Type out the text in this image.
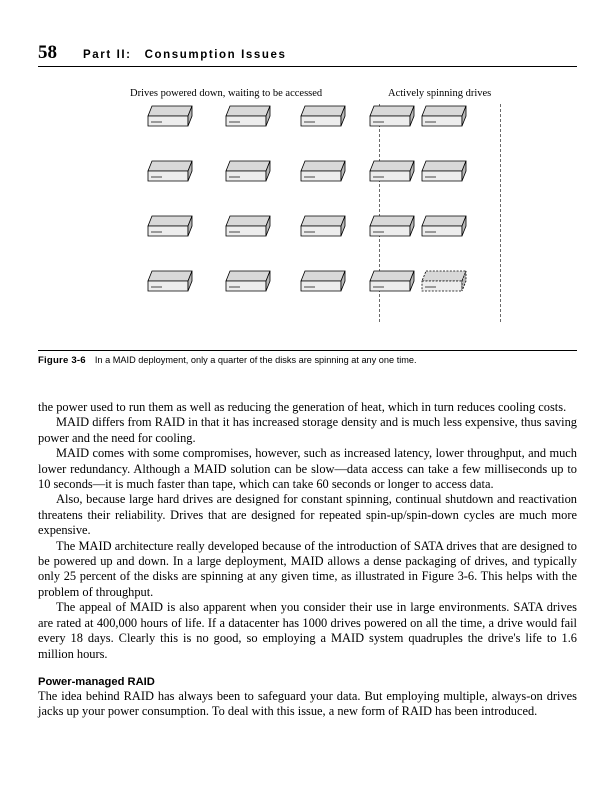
58 Part II: Consumption Issues
Drives powered down, waiting to be accessed	Actively spinning drives
Figure 3-6 In a MAID deployment, only a quarter of the disks are spinning at any one time.

the power used to run them as well as reducing the generation of heat, which in turn reduces cooling costs.

MAID differs from RAID in that it has increased storage density and is much less expensive, thus saving power and the need for cooling.

MAID comes with some compromises, however, such as increased latency, lower throughput, and much lower redundancy. Although a MAID solution can be slow—data access can take a few milliseconds up to 10 seconds—it is much faster than tape, which can take 60 seconds or longer to access data.

Also, because large hard drives are designed for constant spinning, continual shutdown and reactivation threatens their reliability. Drives that are designed for repeated spin-up/spin-down cycles are much more expensive.

The MAID architecture really developed because of the introduction of SATA drives that are designed to be powered up and down. In a large deployment, MAID allows a dense packaging of drives, and typically only 25 percent of the disks are spinning at any given time, as illustrated in Figure 3-6. This helps with the problem of throughput.

The appeal of MAID is also apparent when you consider their use in large environments. SATA drives are rated at 400,000 hours of life. If a datacenter has 1000 drives powered on all the time, a drive would fail every 18 days. Clearly this is no good, so employing a MAID system quadruples the drive's life to 1.6 million hours.

Power-managed RAID

The idea behind RAID has always been to safeguard your data. But employing multiple, always-on drives jacks up your power consumption. To deal with this issue, a new form of RAID has been introduced.
